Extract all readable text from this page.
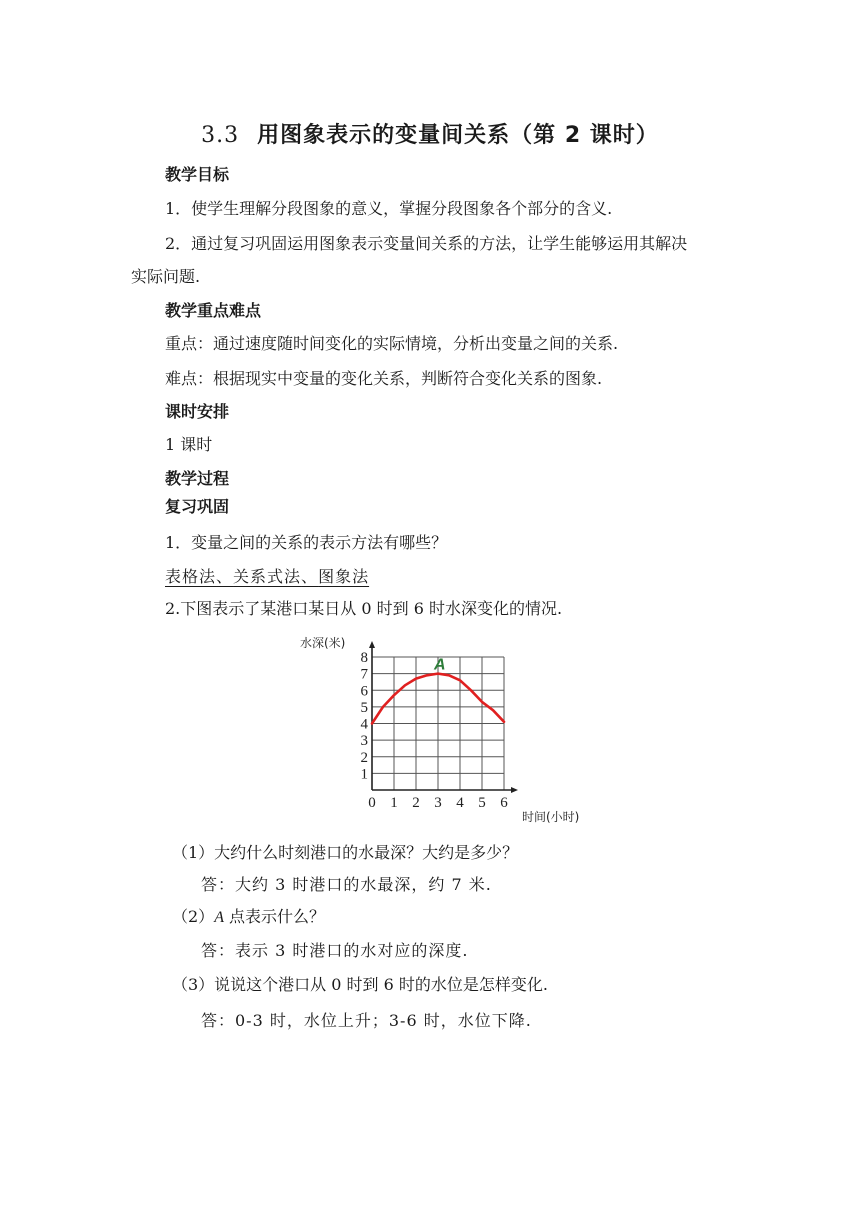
3.3 用图象表示的变量间关系（第 2 课时）
教学目标
1．使学生理解分段图象的意义，掌握分段图象各个部分的含义.
2．通过复习巩固运用图象表示变量间关系的方法，让学生能够运用其解决
实际问题.
教学重点难点
重点：通过速度随时间变化的实际情境，分析出变量之间的关系.
难点：根据现实中变量的变化关系，判断符合变化关系的图象.
课时安排
1 课时
教学过程
复习巩固
1．变量之间的关系的表示方法有哪些？
表格法、关系式法、图象法
2.下图表示了某港口某日从 0 时到 6 时水深变化的情况.
0 1 2 3 4 5 6
1
2
3
4
5
6
7
8
水深(米)
时间(小时)
A
（1）大约什么时刻港口的水最深？大约是多少？
答：大约 3 时港口的水最深，约 7 米.
（2）A 点表示什么？
答：表示 3 时港口的水对应的深度.
（3）说说这个港口从 0 时到 6 时的水位是怎样变化.
答：0-3 时，水位上升；3-6 时，水位下降.
